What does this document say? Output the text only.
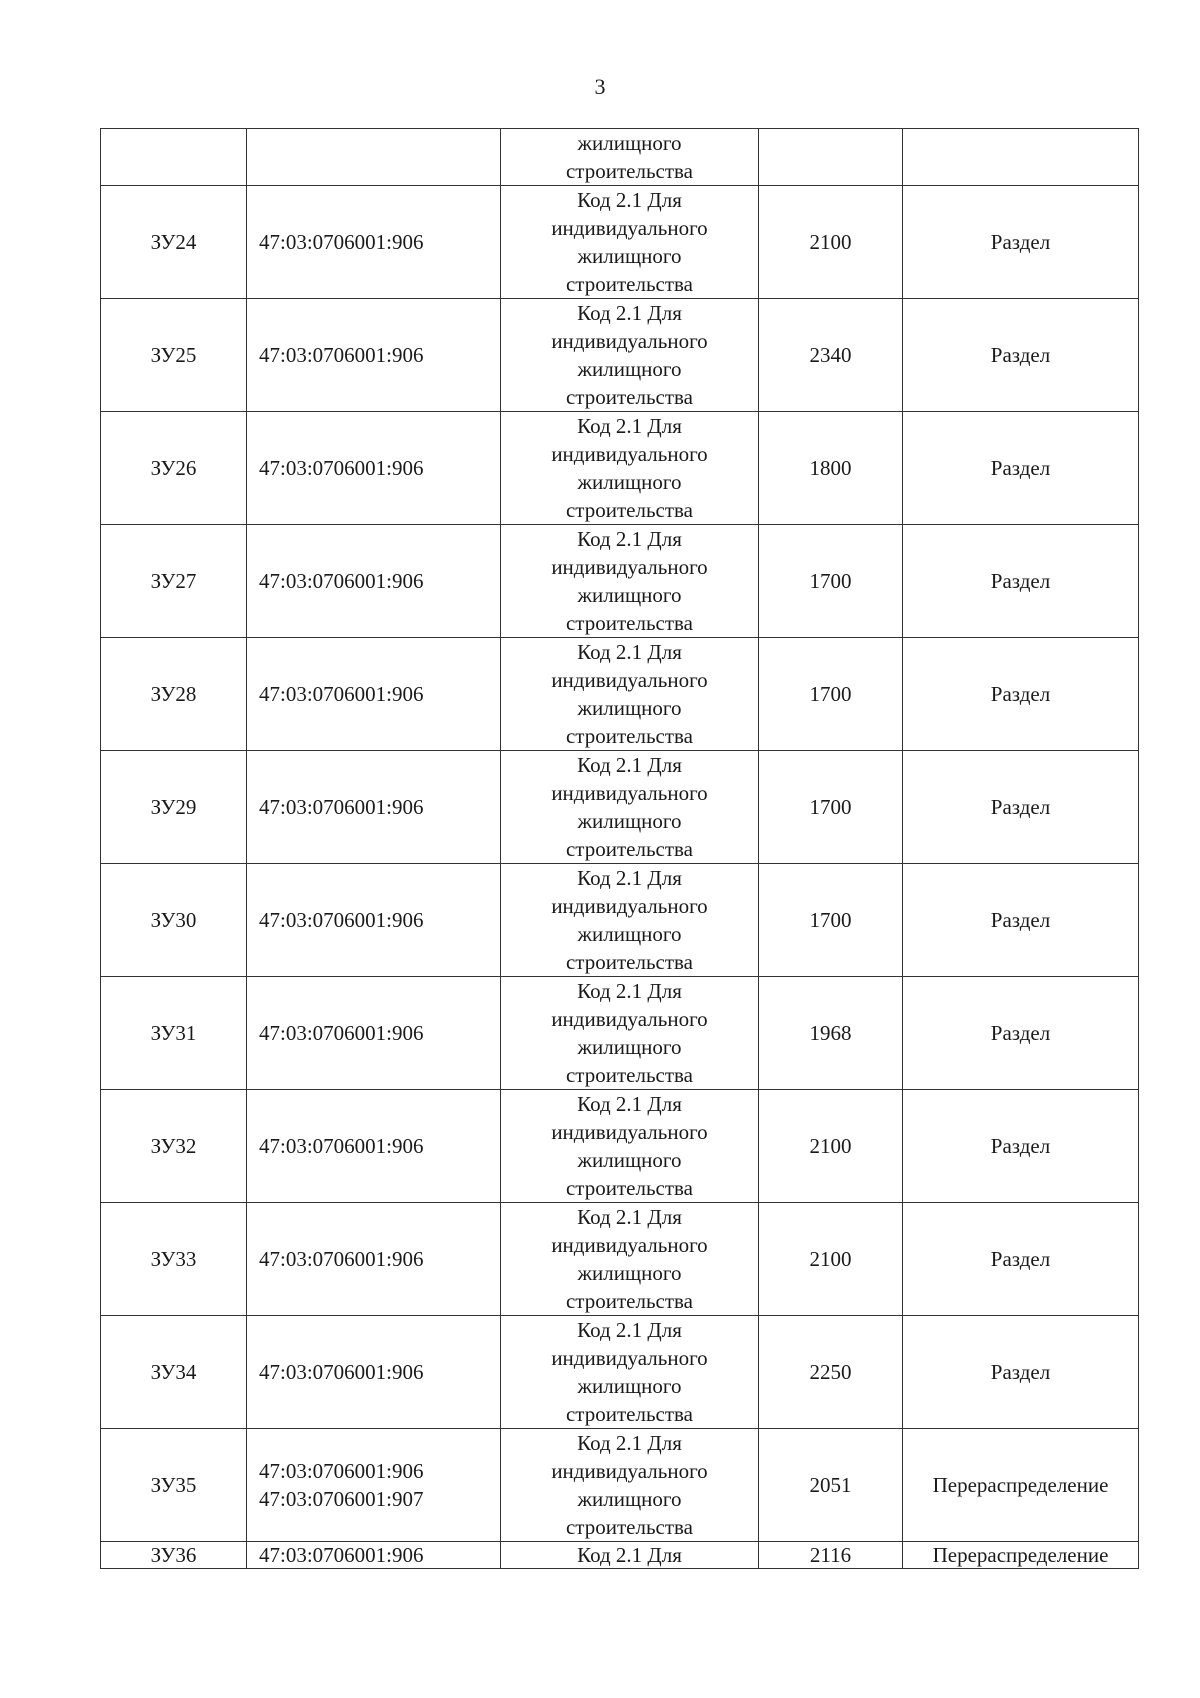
3

		жилищного
строительства		

ЗУ24	47:03:0706001:906	Код 2.1 Для
индивидуального
жилищного
строительства	2100	Раздел
ЗУ25	47:03:0706001:906	Код 2.1 Для
индивидуального
жилищного
строительства	2340	Раздел
ЗУ26	47:03:0706001:906	Код 2.1 Для
индивидуального
жилищного
строительства	1800	Раздел
ЗУ27	47:03:0706001:906	Код 2.1 Для
индивидуального
жилищного
строительства	1700	Раздел
ЗУ28	47:03:0706001:906	Код 2.1 Для
индивидуального
жилищного
строительства	1700	Раздел
ЗУ29	47:03:0706001:906	Код 2.1 Для
индивидуального
жилищного
строительства	1700	Раздел
ЗУ30	47:03:0706001:906	Код 2.1 Для
индивидуального
жилищного
строительства	1700	Раздел
ЗУ31	47:03:0706001:906	Код 2.1 Для
индивидуального
жилищного
строительства	1968	Раздел
ЗУ32	47:03:0706001:906	Код 2.1 Для
индивидуального
жилищного
строительства	2100	Раздел
ЗУ33	47:03:0706001:906	Код 2.1 Для
индивидуального
жилищного
строительства	2100	Раздел
ЗУ34	47:03:0706001:906	Код 2.1 Для
индивидуального
жилищного
строительства	2250	Раздел
ЗУ35	47:03:0706001:906
47:03:0706001:907	Код 2.1 Для
индивидуального
жилищного
строительства	2051	Перераспределение
ЗУ36	47:03:0706001:906	Код 2.1 Для	2116	Перераспределение
